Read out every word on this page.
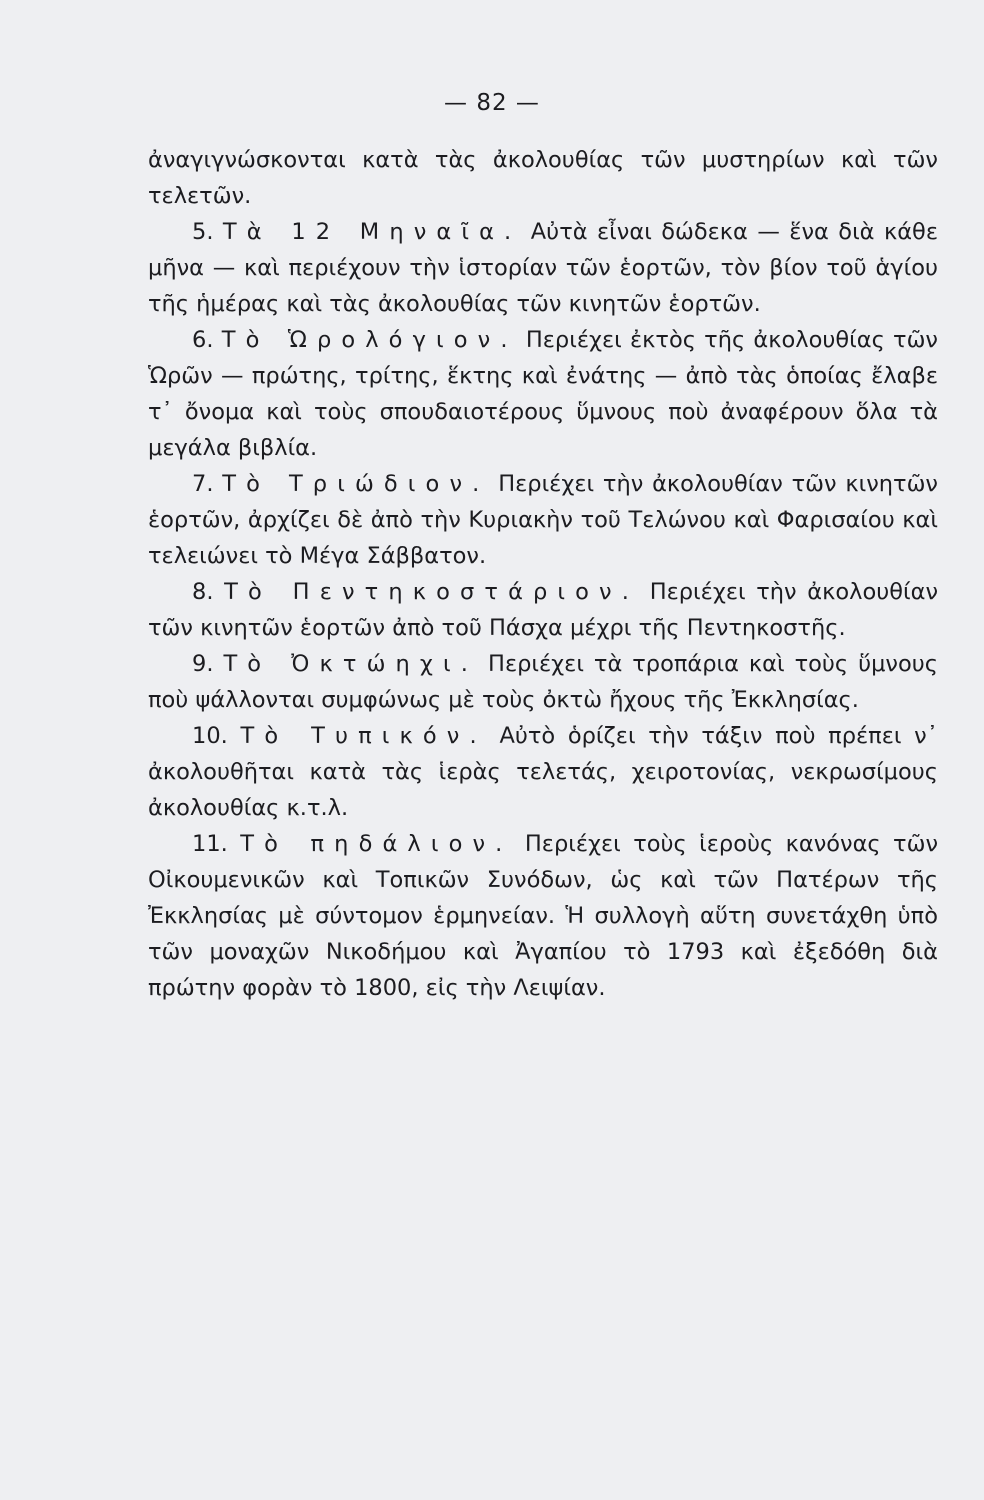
— 82 —

ἀναγιγνώσκονται κατὰ τὰς ἀκολουθίας τῶν μυστηρίων καὶ τῶν τελετῶν.

5. Τὰ 12 Μηναῖα. Αὐτὰ εἶναι δώδεκα — ἕνα διὰ κάθε μῆνα — καὶ περιέχουν τὴν ἱστορίαν τῶν ἑορτῶν, τὸν βίον τοῦ ἁγίου τῆς ἡμέρας καὶ τὰς ἀκολουθίας τῶν κινητῶν ἑορτῶν.

6. Τὸ Ὡρολόγιον. Περιέχει ἐκτὸς τῆς ἀκολουθίας τῶν Ὡρῶν — πρώτης, τρίτης, ἕκτης καὶ ἐνάτης — ἀπὸ τὰς ὁποίας ἔλαβε τ᾽ ὄνομα καὶ τοὺς σπουδαιοτέρους ὕμνους ποὺ ἀναφέρουν ὅλα τὰ μεγάλα βιβλία.

7. Τὸ Τριώδιον. Περιέχει τὴν ἀκολουθίαν τῶν κινητῶν ἑορτῶν, ἀρχίζει δὲ ἀπὸ τὴν Κυριακὴν τοῦ Τελώνου καὶ Φαρισαίου καὶ τελειώνει τὸ Μέγα Σάββατον.

8. Τὸ Πεντηκοστάριον. Περιέχει τὴν ἀκολουθίαν τῶν κινητῶν ἑορτῶν ἀπὸ τοῦ Πάσχα μέχρι τῆς Πεντηκοστῆς.

9. Τὸ Ὀκτώηχι. Περιέχει τὰ τροπάρια καὶ τοὺς ὕμνους ποὺ ψάλλονται συμφώνως μὲ τοὺς ὀκτὼ ἤχους τῆς Ἐκκλησίας.

10. Τὸ Τυπικόν. Αὐτὸ ὁρίζει τὴν τάξιν ποὺ πρέπει ν᾽ ἀκολουθῆται κατὰ τὰς ἱερὰς τελετάς, χειροτονίας, νεκρωσίμους ἀκολουθίας κ.τ.λ.

11. Τὸ πηδάλιον. Περιέχει τοὺς ἱεροὺς κανόνας τῶν Οἰκουμενικῶν καὶ Τοπικῶν Συνόδων, ὡς καὶ τῶν Πατέρων τῆς Ἐκκλησίας μὲ σύντομον ἑρμηνείαν. Ἡ συλλογὴ αὕτη συνετάχθη ὑπὸ τῶν μοναχῶν Νικοδήμου καὶ Ἀγαπίου τὸ 1793 καὶ ἐξεδόθη διὰ πρώτην φορὰν τὸ 1800, εἰς τὴν Λειψίαν.
